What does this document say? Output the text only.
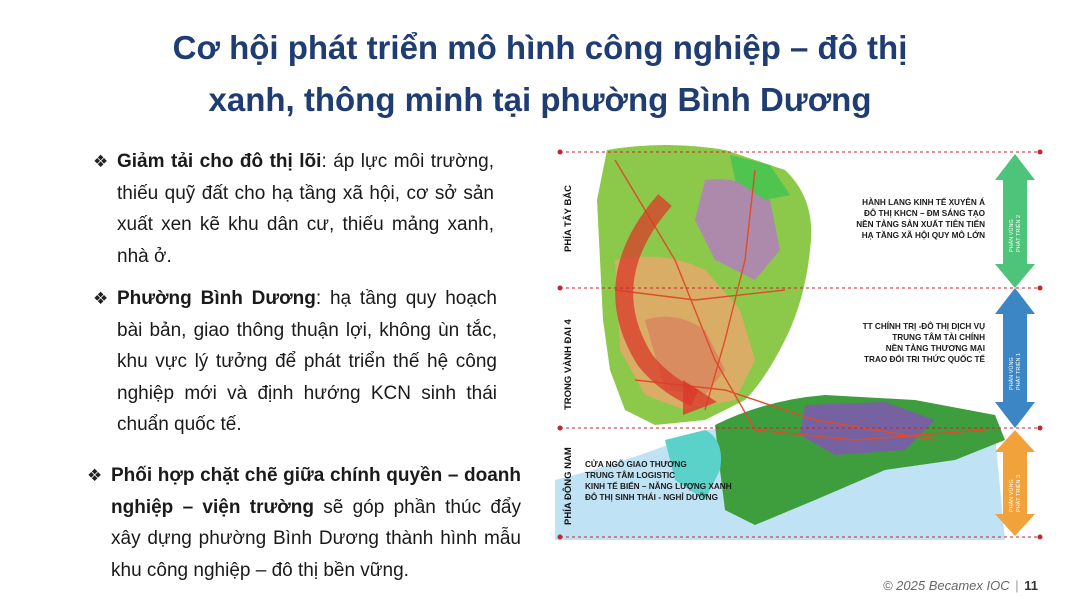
Cơ hội phát triển mô hình công nghiệp – đô thị
xanh, thông minh tại phường Bình Dương
❖ Giảm tải cho đô thị lõi: áp lực môi trường, thiếu quỹ đất cho hạ tầng xã hội, cơ sở sản xuất xen kẽ khu dân cư, thiếu mảng xanh, nhà ở.
❖ Phường Bình Dương: hạ tầng quy hoạch bài bản, giao thông thuận lợi, không ùn tắc, khu vực lý tưởng để phát triển thế hệ công nghiệp mới và định hướng KCN sinh thái chuẩn quốc tế.
❖ Phối hợp chặt chẽ giữa chính quyền – doanh nghiệp – viện trường sẽ góp phần thúc đẩy xây dựng phường Bình Dương thành hình mẫu khu công nghiệp – đô thị bền vững.
PHÍA TÂY BẮC
TRONG VÀNH ĐAI 4
PHÍA ĐÔNG NAM
HÀNH LANG KINH TẾ XUYÊN Á
ĐÔ THỊ KHCN – ĐM SÁNG TẠO
NỀN TẢNG SẢN XUẤT TIÊN TIẾN
HẠ TẦNG XÃ HỘI QUY MÔ LỚN
TT CHÍNH TRỊ -ĐÔ THỊ DỊCH VỤ
TRUNG TÂM TÀI CHÍNH
NỀN TẢNG THƯƠNG MẠI
TRAO ĐỔI TRI THỨC QUỐC TẾ
CỬA NGÕ GIAO THƯƠNG
TRUNG TÂM LOGISTIC
KINH TẾ BIỂN – NĂNG LƯỢNG XANH
ĐÔ THỊ SINH THÁI - NGHỈ DƯỠNG
PHÂN VÙNG PHÁT TRIỂN 2
PHÂN VÙNG PHÁT TRIỂN 1
PHÂN VÙNG PHÁT TRIỂN 3
© 2025 Becamex IOC | 11
